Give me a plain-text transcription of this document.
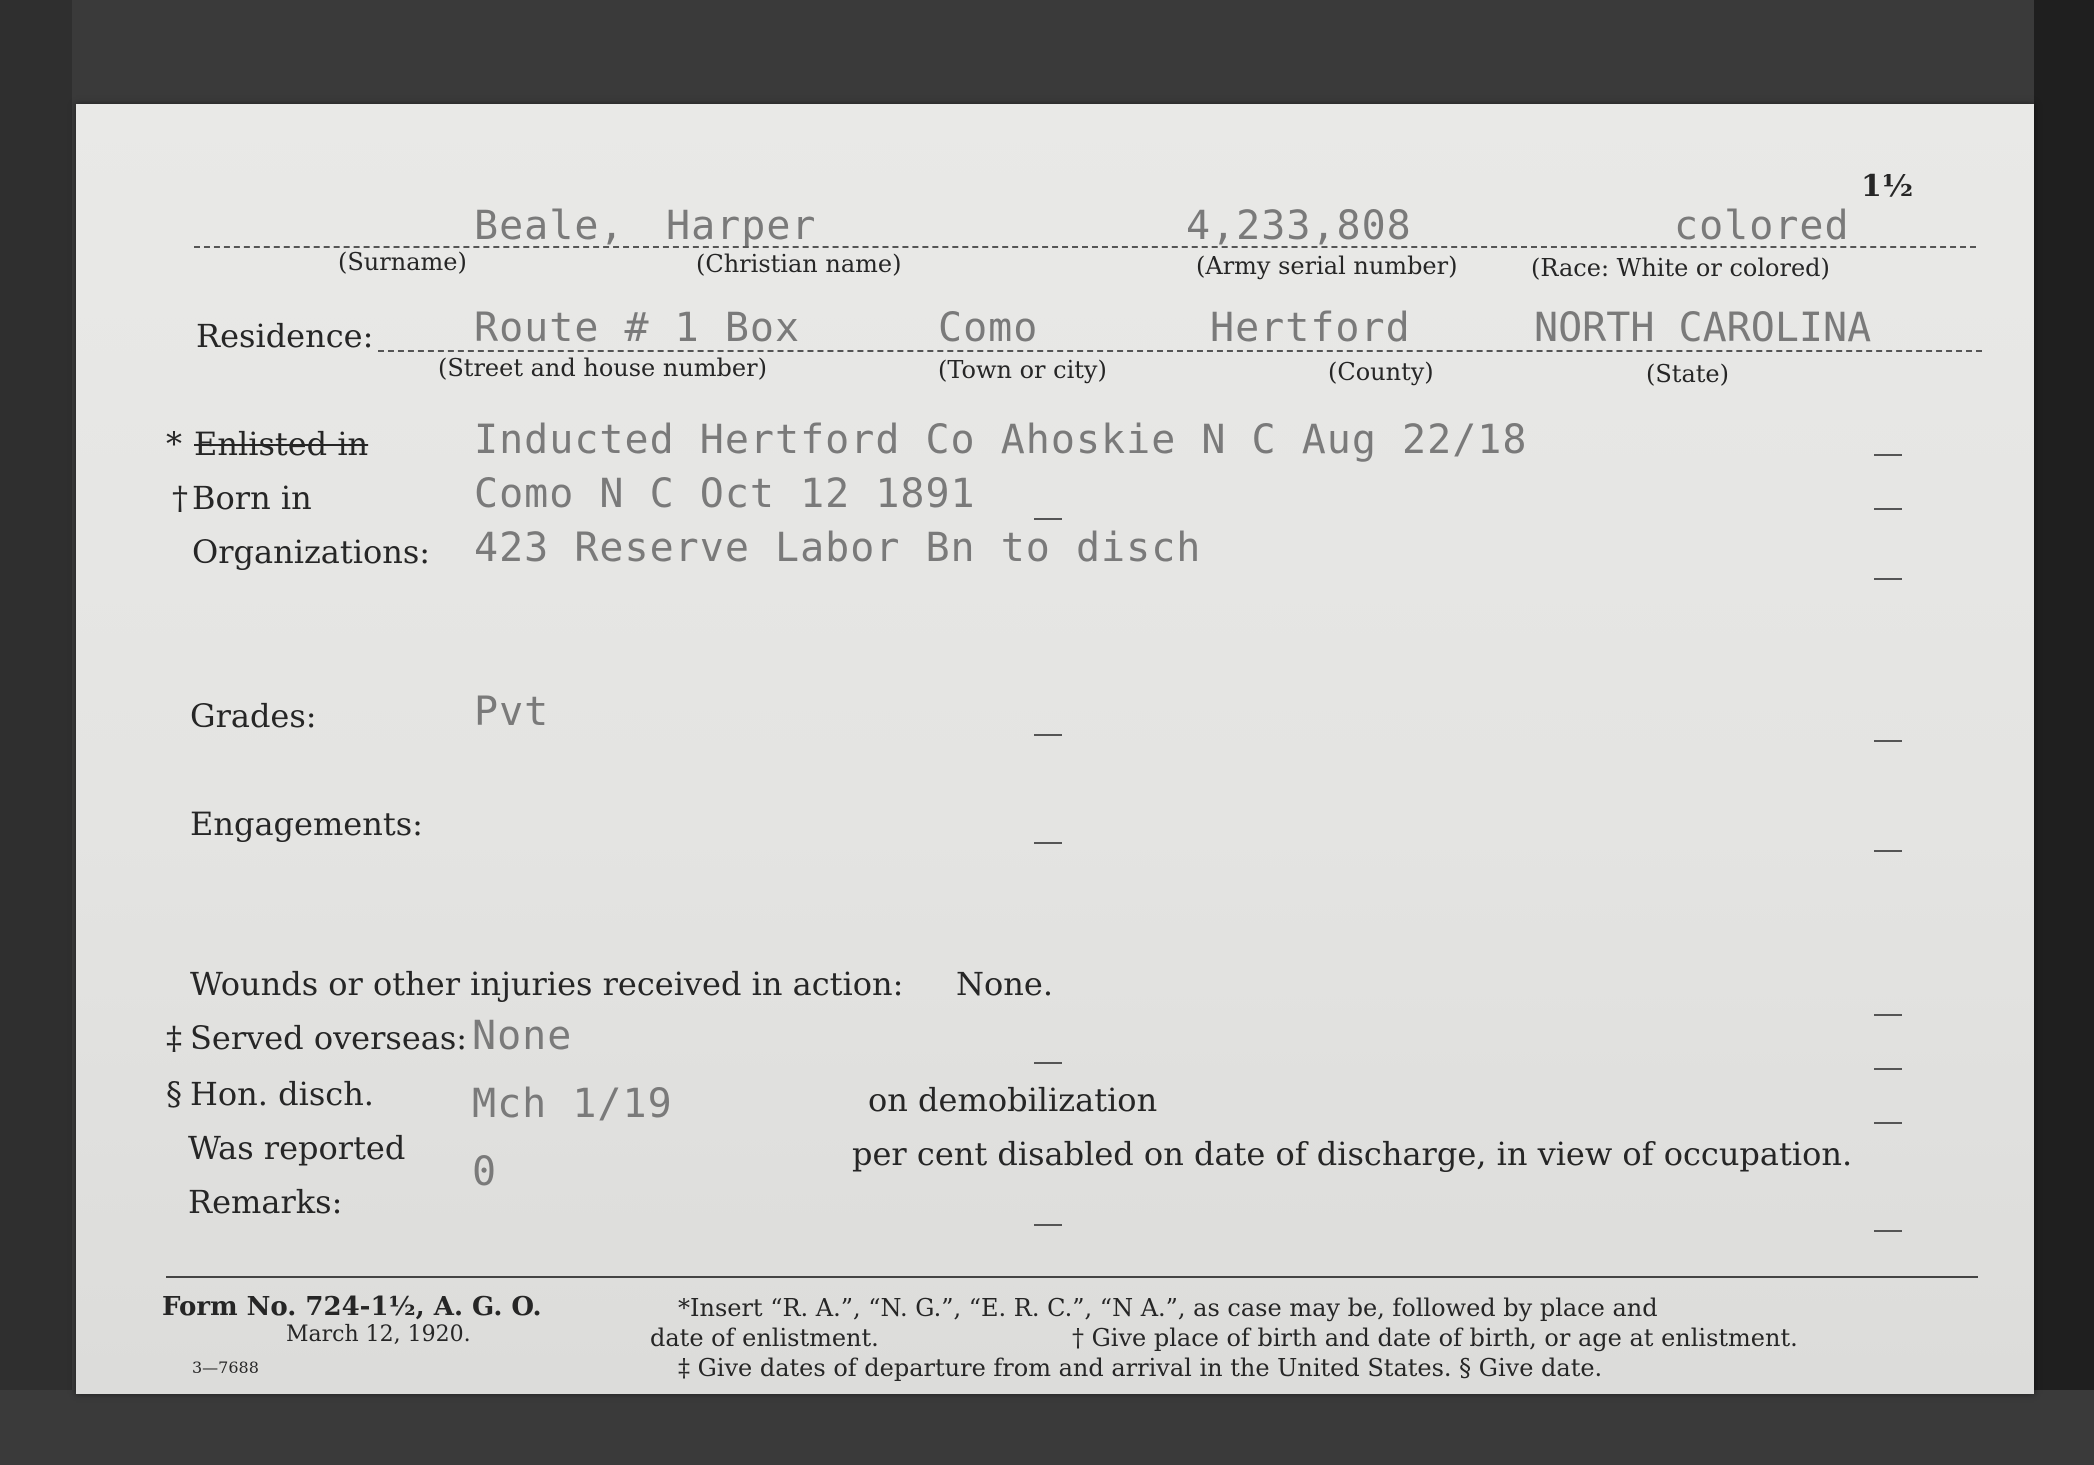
1½
Beale, Harper	4,233,808	colored
(Surname)	(Christian name)	(Army serial number)	(Race: White or colored)
Residence:	Route # 1 Box	Como	Hertford	NORTH CAROLINA
(Street and house number)	(Town or city)	(County)	(State)
* Enlisted in	Inducted Hertford Co Ahoskie N C Aug 22/18
† Born in	Como N C Oct 12 1891
Organizations: 423 Reserve Labor Bn to disch
Grades:	Pvt
Engagements:
Wounds or other injuries received in action: None.
‡ Served overseas: None
§ Hon. disch. Mch 1/19	on demobilization
Was reported
0	per cent disabled on date of discharge, in view of occupation.
Remarks:
Form No. 724-1½, A. G. O.
March 12, 1920.
3—7688
*Insert “R. A.”, “N. G.”, “E. R. C.”, “N A.”, as case may be, followed by place and
date of enlistment.	† Give place of birth and date of birth, or age at enlistment.
‡ Give dates of departure from and arrival in the United States. § Give date.
